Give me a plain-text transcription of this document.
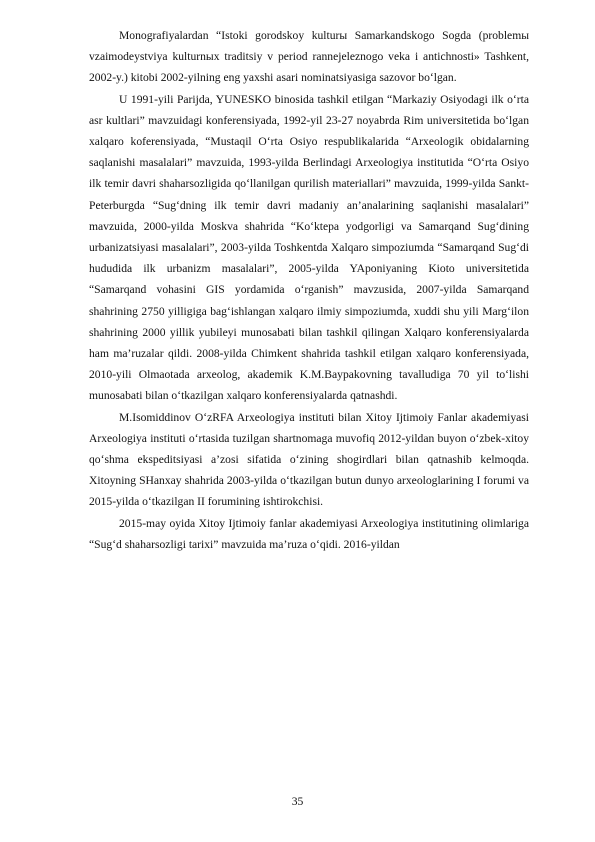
Monografiyalardan “Istoki gorodskoy kulturы Samarkandskogo Sogda (problemы vzaimodeystviya kulturnыx traditsiy v period rannejeleznogo veka i antichnosti» Tashkent, 2002-y.) kitobi 2002-yilning eng yaxshi asari nominatsiyasiga sazovor bo‘lgan.

U 1991-yili Parijda, YUNESKO binosida tashkil etilgan “Markaziy Osiyodagi ilk o‘rta asr kultlari” mavzuidagi konferensiyada, 1992-yil 23-27 noyabrda Rim universitetida bo‘lgan xalqaro koferensiyada, “Mustaqil O‘rta Osiyo respublikalarida “Arxeologik obidalarning saqlanishi masalalari” mavzuida, 1993-yilda Berlindagi Arxeologiya institutida “O‘rta Osiyo ilk temir davri shaharsozligida qo‘llanilgan qurilish materiallari” mavzuida, 1999-yilda Sankt-Peterburgda “Sug‘dning ilk temir davri madaniy an’analarining saqlanishi masalalari” mavzuida, 2000-yilda Moskva shahrida “Ko‘ktepa yodgorligi va Samarqand Sug‘dining urbanizatsiyasi masalalari”, 2003-yilda Toshkentda Xalqaro simpoziumda “Samarqand Sug‘di hududida ilk urbanizm masalalari”, 2005-yilda YAponiyaning Kioto universitetida “Samarqand vohasini GIS yordamida o‘rganish” mavzusida, 2007-yilda Samarqand shahrining 2750 yilligiga bag‘ishlangan xalqaro ilmiy simpoziumda, xuddi shu yili Marg‘ilon shahrining 2000 yillik yubileyi munosabati bilan tashkil qilingan Xalqaro konferensiyalarda ham ma’ruzalar qildi. 2008-yilda Chimkent shahrida tashkil etilgan xalqaro konferensiyada, 2010-yili Olmaotada arxeolog, akademik K.M.Baypakovning tavalludiga 70 yil to‘lishi munosabati bilan o‘tkazilgan xalqaro konferensiyalarda qatnashdi.

M.Isomiddinov O‘zRFA Arxeologiya instituti bilan Xitoy Ijtimoiy Fanlar akademiyasi Arxeologiya instituti o‘rtasida tuzilgan shartnomaga muvofiq 2012-yildan buyon o‘zbek-xitoy qo‘shma ekspeditsiyasi a’zosi sifatida o‘zining shogirdlari bilan qatnashib kelmoqda. Xitoyning SHanxay shahrida 2003-yilda o‘tkazilgan butun dunyo arxeologlarining I forumi va 2015-yilda o‘tkazilgan II forumining ishtirokchisi.

2015-may oyida Xitoy Ijtimoiy fanlar akademiyasi Arxeologiya institutining olimlariga “Sug‘d shaharsozligi tarixi” mavzuida ma’ruza o‘qidi. 2016-yildan

35
